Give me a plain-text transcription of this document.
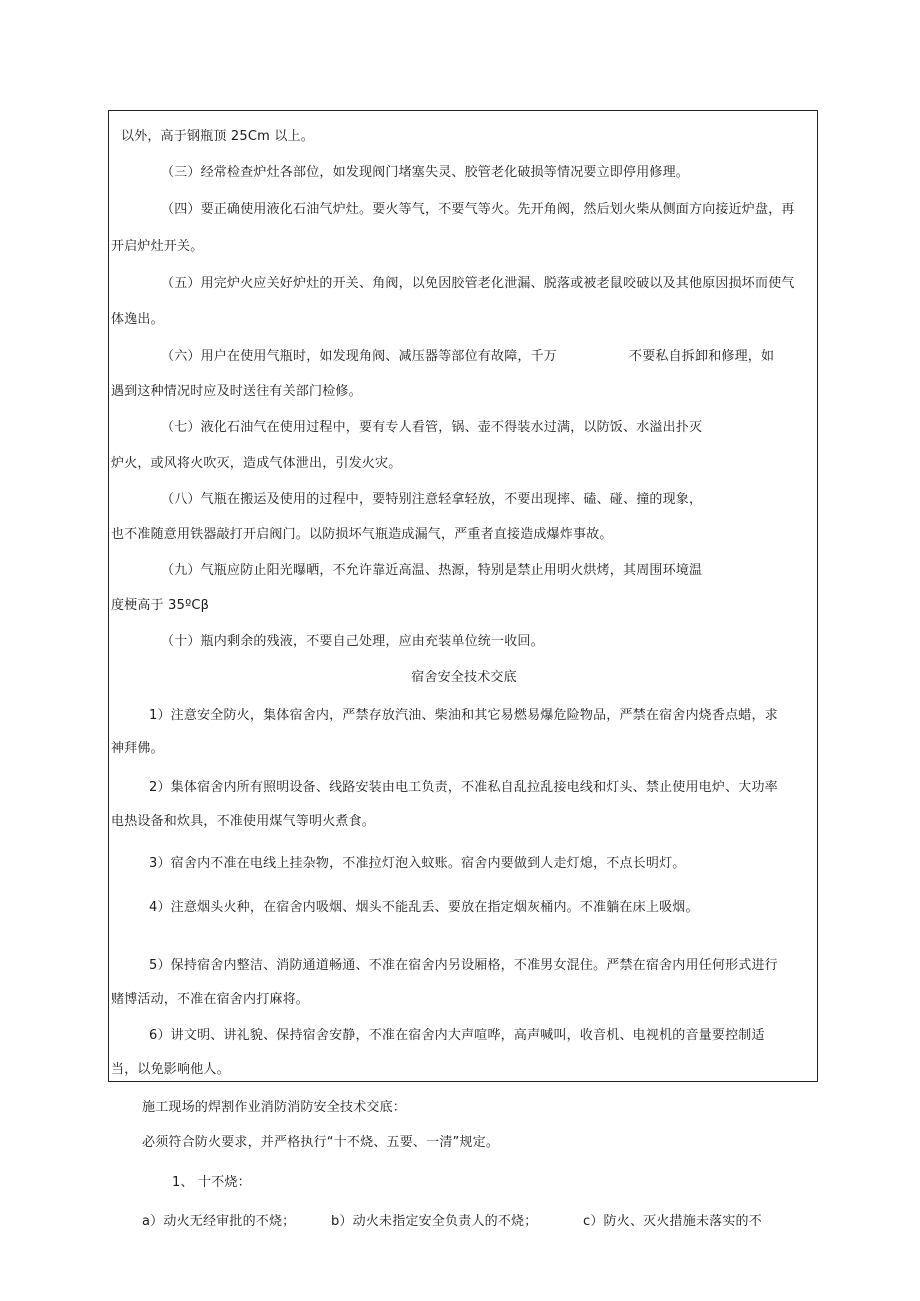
以外，高于钢瓶顶 25Cm 以上。
（三）经常检查炉灶各部位，如发现阀门堵塞失灵、胶管老化破损等情况要立即停用修理。
（四）要正确使用液化石油气炉灶。要火等气，不要气等火。先开角阀，然后划火柴从侧面方向接近炉盘，再
开启炉灶开关。
（五）用完炉火应关好炉灶的开关、角阀，以免因胶管老化泄漏、脱落或被老鼠咬破以及其他原因损坏而使气
体逸出。
（六）用户在使用气瓶时，如发现角阀、减压器等部位有故障，千万	不要私自拆卸和修理，如
遇到这种情况时应及时送往有关部门检修。
（七）液化石油气在使用过程中，要有专人看管，锅、壶不得装水过满，以防饭、水溢出扑灭
炉火，或风将火吹灭，造成气体泄出，引发火灾。
（八）气瓶在搬运及使用的过程中，要特别注意轻拿轻放，不要出现摔、磕、碰、撞的现象，
也不准随意用铁器敲打开启阀门。以防损坏气瓶造成漏气，严重者直接造成爆炸事故。
（九）气瓶应防止阳光曝晒，不允许靠近高温、热源，特别是禁止用明火烘烤，其周围环境温
度梗高于 35ºCβ
（十）瓶内剩余的残液，不要自己处理，应由充装单位统一收回。
宿舍安全技术交底
1）注意安全防火，集体宿舍内，严禁存放汽油、柴油和其它易燃易爆危险物品，严禁在宿舍内烧香点蜡，求
神拜佛。
2）集体宿舍内所有照明设备、线路安装由电工负责，不准私自乱拉乱接电线和灯头、禁止使用电炉、大功率
电热设备和炊具，不准使用煤气等明火煮食。
3）宿舍内不准在电线上挂杂物，不准拉灯泡入蚊账。宿舍内要做到人走灯熄，不点长明灯。
4）注意烟头火种，在宿舍内吸烟、烟头不能乱丢、要放在指定烟灰桶内。不准躺在床上吸烟。
5）保持宿舍内整洁、消防通道畅通、不准在宿舍内另设厢格，不准男女混住。严禁在宿舍内用任何形式进行
赌博活动，不准在宿舍内打麻将。
6）讲文明、讲礼貌、保持宿舍安静，不准在宿舍内大声喧哗，高声喊叫，收音机、电视机的音量要控制适
当，以免影响他人。
施工现场的焊割作业消防消防安全技术交底：
必须符合防火要求，并严格执行“十不烧、五要、一清”规定。
1、 十不烧：
a）动火无经审批的不烧；	b）动火未指定安全负责人的不烧；	c）防火、灭火措施未落实的不
